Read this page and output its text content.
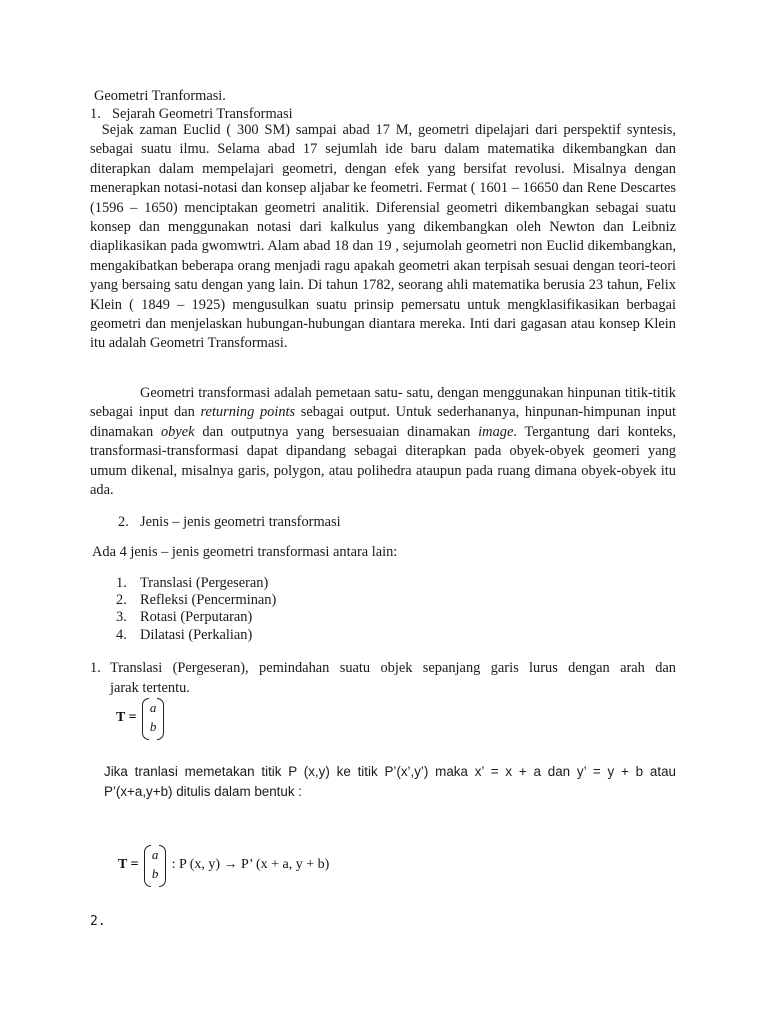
Geometri Tranformasi.
1. Sejarah Geometri Transformasi
Sejak zaman Euclid ( 300 SM) sampai abad 17 M, geometri dipelajari dari perspektif syntesis, sebagai suatu ilmu. Selama abad 17 sejumlah ide baru dalam matematika dikembangkan dan diterapkan dalam mempelajari geometri, dengan efek yang bersifat revolusi. Misalnya dengan menerapkan notasi-notasi dan konsep aljabar ke feometri. Fermat ( 1601 – 16650 dan Rene Descartes (1596 – 1650) menciptakan geometri analitik. Diferensial geometri dikembangkan sebagai suatu konsep dan menggunakan notasi dari kalkulus yang dikembangkan oleh Newton dan Leibniz diaplikasikan pada gwomwtri. Alam abad 18 dan 19 , sejumolah geometri non Euclid dikembangkan, mengakibatkan beberapa orang menjadi ragu apakah geometri akan terpisah sesuai dengan teori-teori yang bersaing satu dengan yang lain. Di tahun 1782, seorang ahli matematika berusia 23 tahun, Felix Klein ( 1849 – 1925) mengusulkan suatu prinsip pemersatu untuk mengklasifikasikan berbagai geometri dan menjelaskan hubungan-hubungan diantara mereka. Inti dari gagasan atau konsep Klein itu adalah Geometri Transformasi.
Geometri transformasi adalah pemetaan satu- satu, dengan menggunakan hinpunan titik-titik sebagai input dan returning points sebagai output. Untuk sederhananya, hinpunan-himpunan input dinamakan obyek dan outputnya yang bersesuaian dinamakan image. Tergantung dari konteks, transformasi-transformasi dapat dipandang sebagai diterapkan pada obyek-obyek geomeri yang umum dikenal, misalnya garis, polygon, atau polihedra ataupun pada ruang dimana obyek-obyek itu ada.
2. Jenis – jenis geometri transformasi
Ada 4 jenis – jenis geometri transformasi antara lain:
1. Translasi (Pergeseran)
2. Refleksi (Pencerminan)
3. Rotasi (Perputaran)
4. Dilatasi (Perkalian)
1. Translasi (Pergeseran), pemindahan suatu objek sepanjang garis lurus dengan arah dan
jarak tertentu.
T =
a
b
Jika tranlasi memetakan titik P (x,y) ke titik P’(x’,y’) maka x’ = x + a dan y’ = y + b atau P’(x+a,y+b) ditulis dalam bentuk :
T =
a
b
: P (x, y) → P’ (x + a, y + b)
2.
